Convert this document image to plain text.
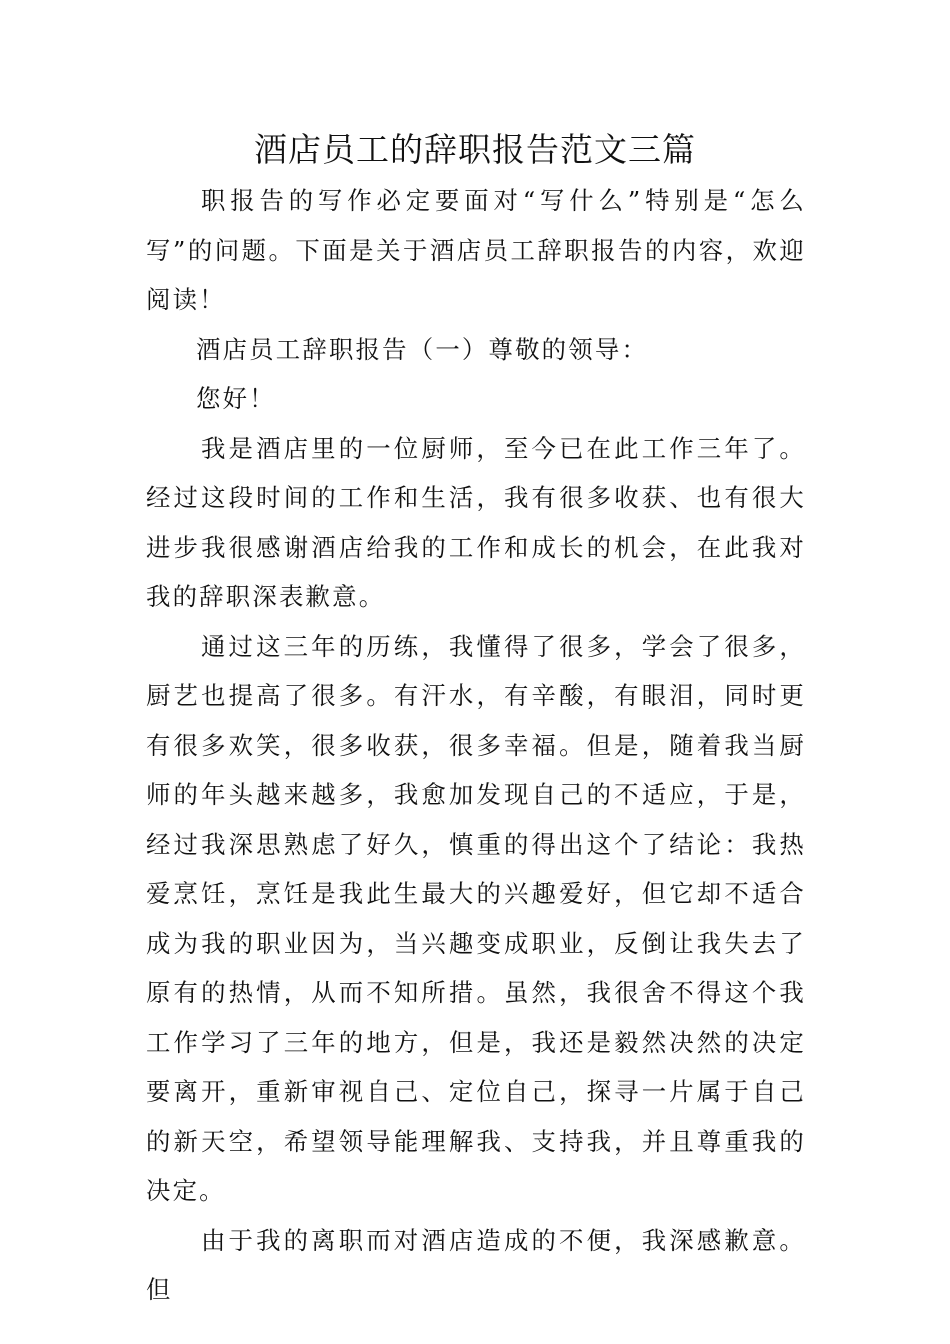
酒店员工的辞职报告范文三篇

职报告的写作必定要面对“写什么”特别是“怎么写”的问题。下面是关于酒店员工辞职报告的内容，欢迎阅读！

酒店员工辞职报告（一）尊敬的领导：

您好！

我是酒店里的一位厨师，至今已在此工作三年了。经过这段时间的工作和生活，我有很多收获、也有很大进步我很感谢酒店给我的工作和成长的机会，在此我对我的辞职深表歉意。

通过这三年的历练，我懂得了很多，学会了很多，厨艺也提高了很多。有汗水，有辛酸，有眼泪，同时更有很多欢笑，很多收获，很多幸福。但是，随着我当厨师的年头越来越多，我愈加发现自己的不适应，于是，经过我深思熟虑了好久，慎重的得出这个了结论：我热爱烹饪，烹饪是我此生最大的兴趣爱好，但它却不适合成为我的职业因为，当兴趣变成职业，反倒让我失去了原有的热情，从而不知所措。虽然，我很舍不得这个我工作学习了三年的地方，但是，我还是毅然决然的决定要离开，重新审视自己、定位自己，探寻一片属于自己的新天空，希望领导能理解我、支持我，并且尊重我的决定。

由于我的离职而对酒店造成的不便，我深感歉意。但
